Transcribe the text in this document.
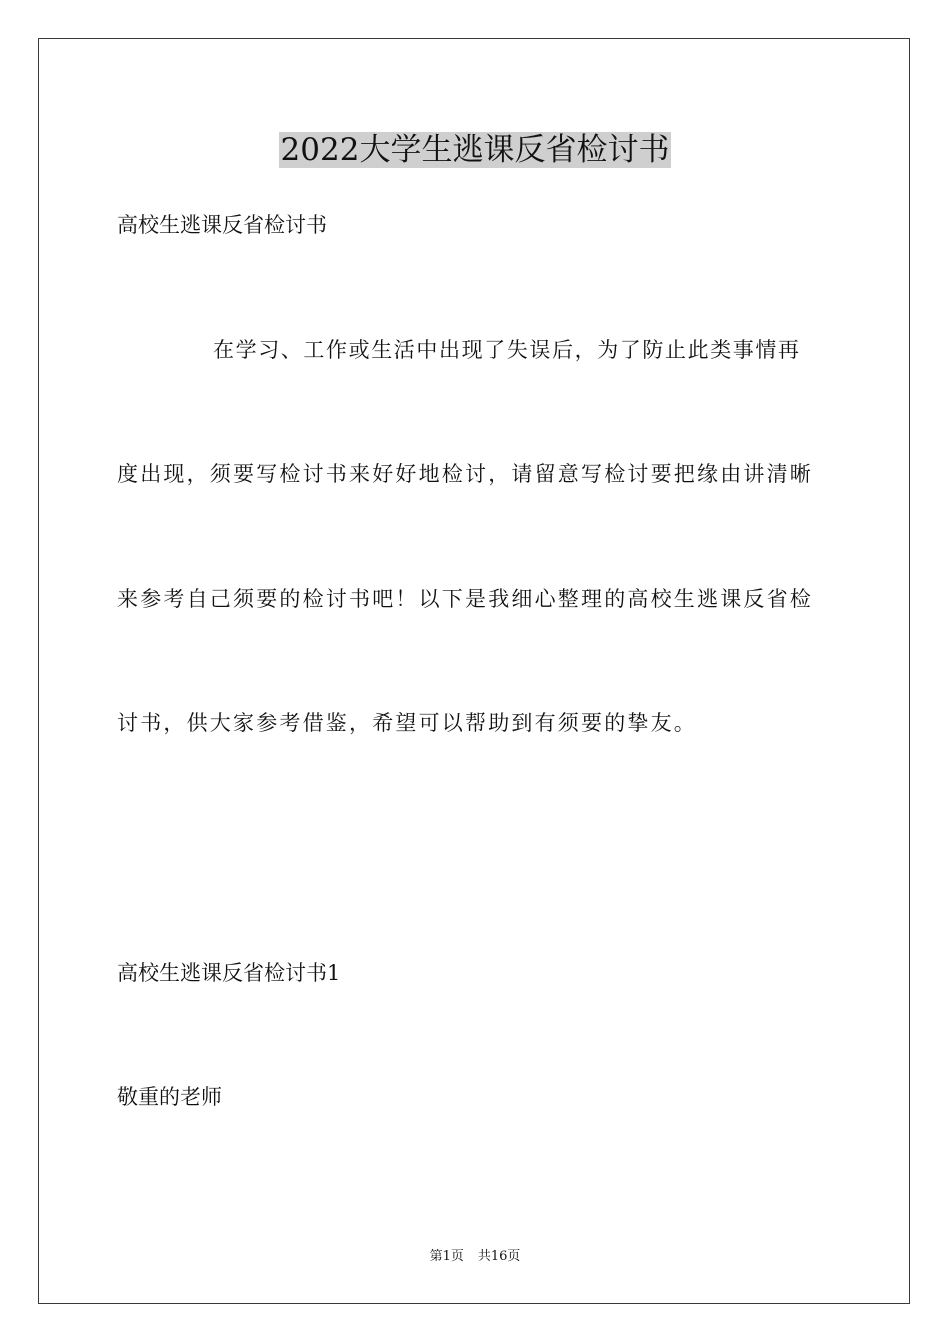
2022大学生逃课反省检讨书
高校生逃课反省检讨书
在学习、工作或生活中出现了失误后，为了防止此类事情再
度出现，须要写检讨书来好好地检讨，请留意写检讨要把缘由讲清晰
来参考自己须要的检讨书吧！以下是我细心整理的高校生逃课反省检
讨书，供大家参考借鉴，希望可以帮助到有须要的挚友。
高校生逃课反省检讨书1
敬重的老师
第1页 共16页
